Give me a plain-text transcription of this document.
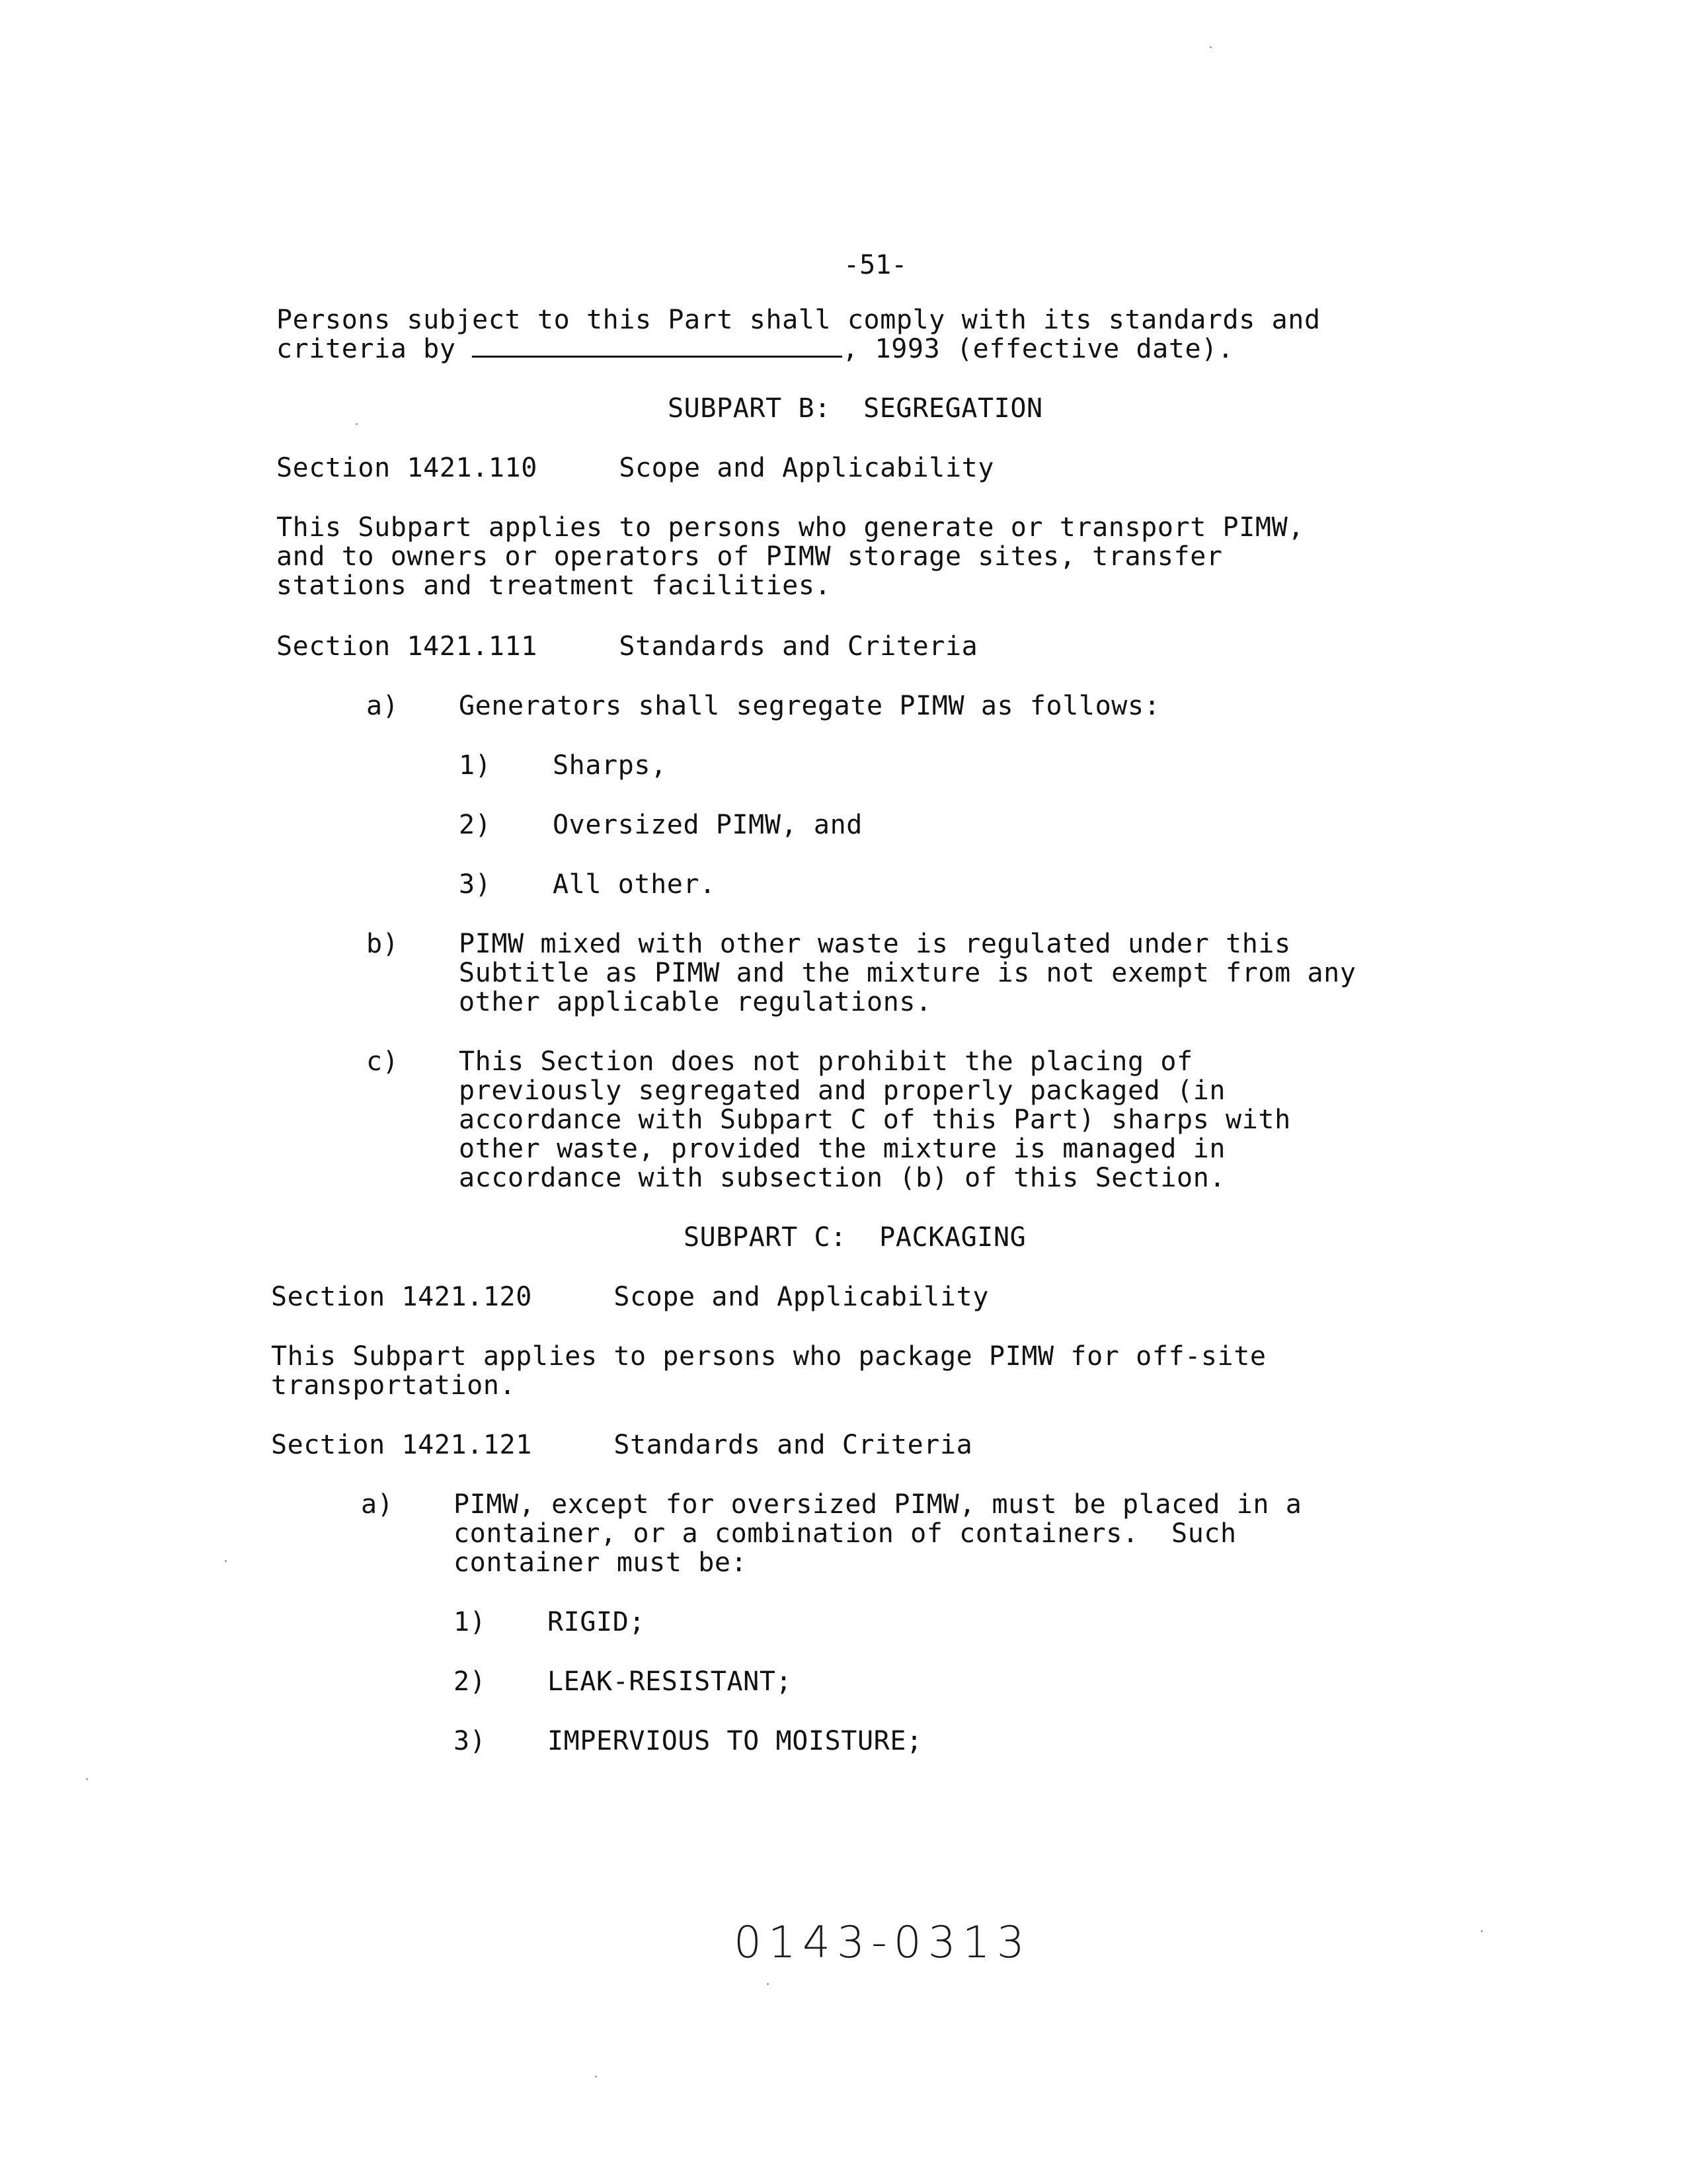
-51-
Persons subject to this Part shall comply with its standards and
criteria by	, 1993 (effective date).
SUBPART B:  SEGREGATION
Section 1421.110     Scope and Applicability
This Subpart applies to persons who generate or transport PIMW,
and to owners or operators of PIMW storage sites, transfer
stations and treatment facilities.
Section 1421.111     Standards and Criteria
a) Generators shall segregate PIMW as follows:
1) Sharps,
2) Oversized PIMW, and
3) All other.
b) PIMW mixed with other waste is regulated under this
Subtitle as PIMW and the mixture is not exempt from any
other applicable regulations.
c) This Section does not prohibit the placing of
previously segregated and properly packaged (in
accordance with Subpart C of this Part) sharps with
other waste, provided the mixture is managed in
accordance with subsection (b) of this Section.
SUBPART C:  PACKAGING
Section 1421.120     Scope and Applicability
This Subpart applies to persons who package PIMW for off-site
transportation.
Section 1421.121     Standards and Criteria
a) PIMW, except for oversized PIMW, must be placed in a
container, or a combination of containers.  Such
container must be:
1) RIGID;
2) LEAK-RESISTANT;
3) IMPERVIOUS TO MOISTURE;
0143-0313
